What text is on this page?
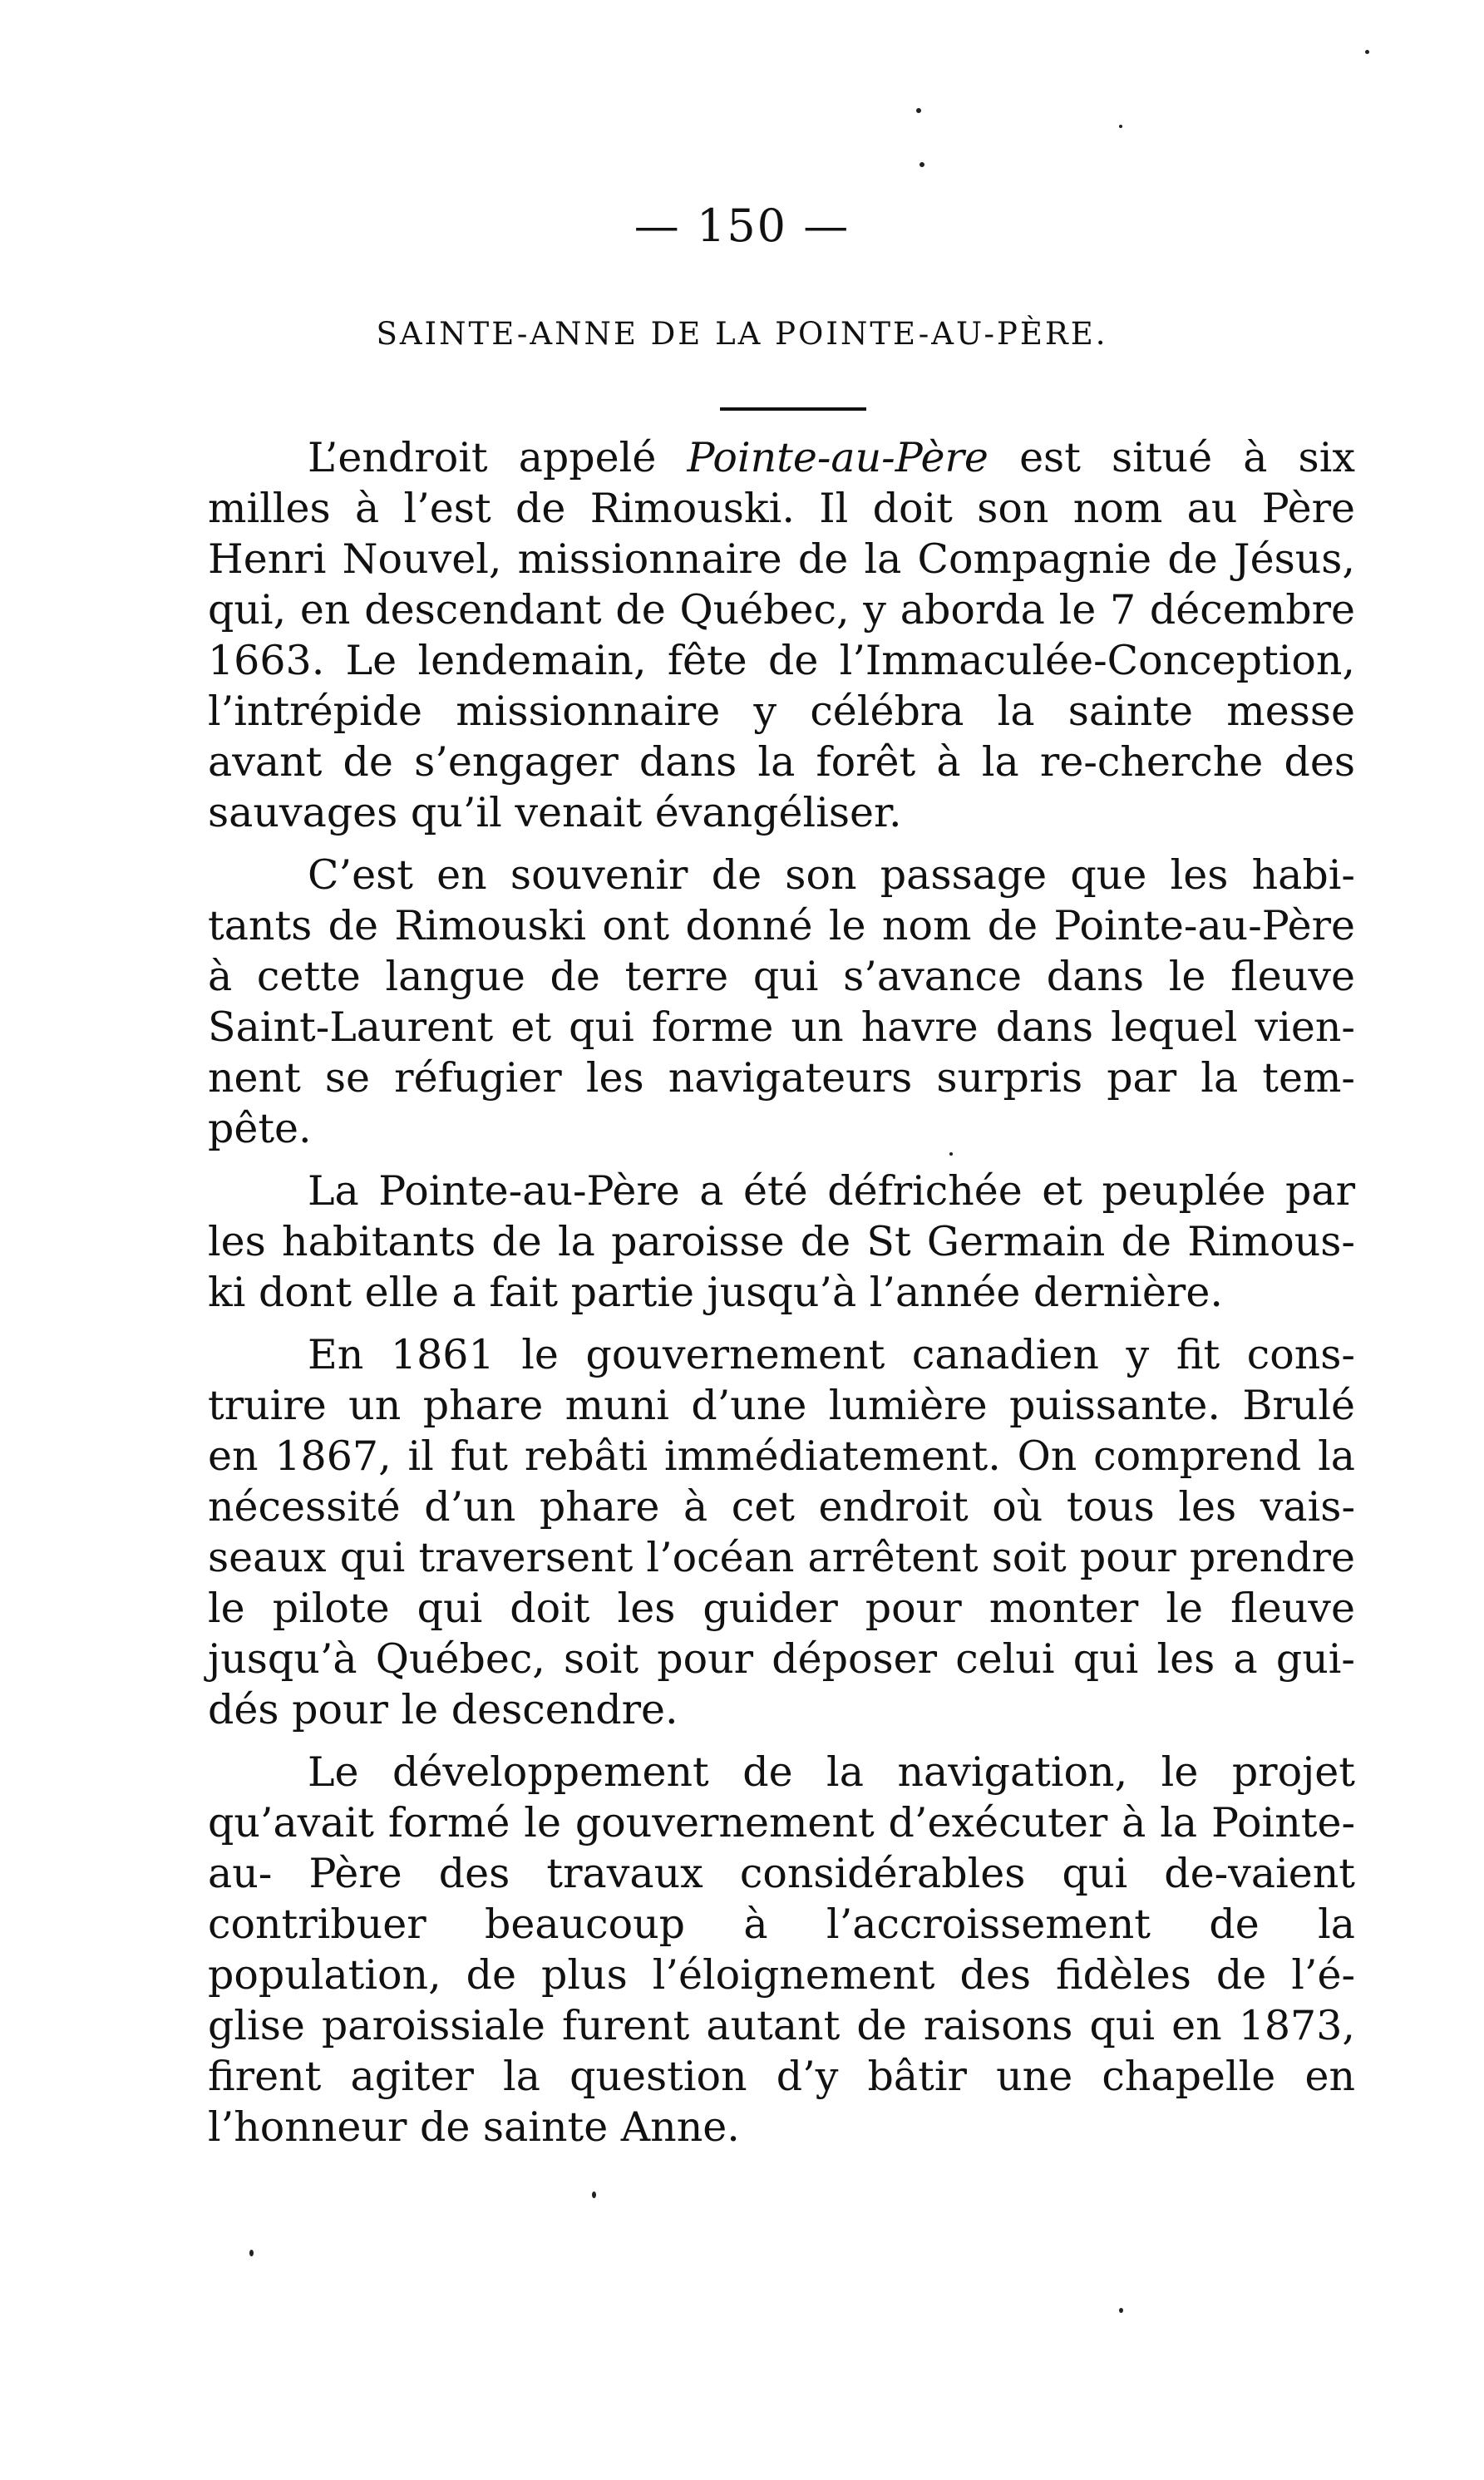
— 150 —
SAINTE-ANNE DE LA POINTE-AU-PÈRE.

L’endroit appelé Pointe-au-Père est situé à six milles à l’est de Rimouski. Il doit son nom au Père Henri Nouvel, missionnaire de la Compagnie de Jésus, qui, en descendant de Québec, y aborda le 7 décembre 1663. Le lendemain, fête de l’Immaculée-Conception, l’intrépide missionnaire y célébra la sainte messe avant de s’engager dans la forêt à la re-cherche des sauvages qu’il venait évangéliser.

C’est en souvenir de son passage que les habi-tants de Rimouski ont donné le nom de Pointe-au-Père à cette langue de terre qui s’avance dans le fleuve Saint-Laurent et qui forme un havre dans lequel vien-nent se réfugier les navigateurs surpris par la tem-pête.

La Pointe-au-Père a été défrichée et peuplée par les habitants de la paroisse de St Germain de Rimous-ki dont elle a fait partie jusqu’à l’année dernière.

En 1861 le gouvernement canadien y fit cons-truire un phare muni d’une lumière puissante. Brulé en 1867, il fut rebâti immédiatement. On comprend la nécessité d’un phare à cet endroit où tous les vais-seaux qui traversent l’océan arrêtent soit pour prendre le pilote qui doit les guider pour monter le fleuve jusqu’à Québec, soit pour déposer celui qui les a gui-dés pour le descendre.

Le développement de la navigation, le projet qu’avait formé le gouvernement d’exécuter à la Pointe-au- Père des travaux considérables qui de-vaient contribuer beaucoup à l’accroissement de la population, de plus l’éloignement des fidèles de l’é-glise paroissiale furent autant de raisons qui en 1873, firent agiter la question d’y bâtir une chapelle en l’honneur de sainte Anne.
